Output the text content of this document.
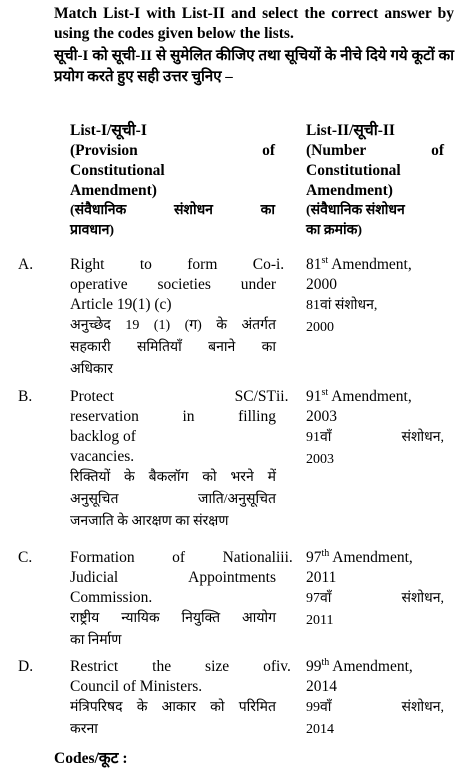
Match List-I with List-II and select the correct answer by using the codes given below the lists.
सूची-I को सूची-II से सुमेलित कीजिए तथा सूचियों के नीचे दिये गये कूटों का प्रयोग करते हुए सही उत्तर चुनिए –
List-I/सूची-I
(Provision of
Constitutional
Amendment)
(संवैधानिक संशोधन का
प्रावधान)
List-II/सूची-II
(Number of
Constitutional
Amendment)
(संवैधानिक संशोधन
का क्रमांक)
A. Right to form Co-
operative societies under
Article 19(1) (c)
अनुच्छेद 19 (1) (ग) के अंतर्गत
सहकारी समितियाँ बनाने का
अधिकार
i. 81st Amendment,
2000
81वां संशोधन,
2000
B. Protect SC/ST
reservation in filling
backlog of
vacancies.
रिक्तियों के बैकलॉग को भरने में
अनुसूचित जाति/अनुसूचित
जनजाति के आरक्षण का संरक्षण
ii. 91st Amendment,
2003
91वाँ संशोधन,
2003
C. Formation of National
Judicial Appointments
Commission.
राष्ट्रीय न्यायिक नियुक्ति आयोग
का निर्माण
iii. 97th Amendment,
2011
97वाँ संशोधन,
2011
D. Restrict the size of
Council of Ministers.
मंत्रिपरिषद के आकार को परिमित
करना
iv. 99th Amendment,
2014
99वाँ संशोधन,
2014
Codes/कूट :
